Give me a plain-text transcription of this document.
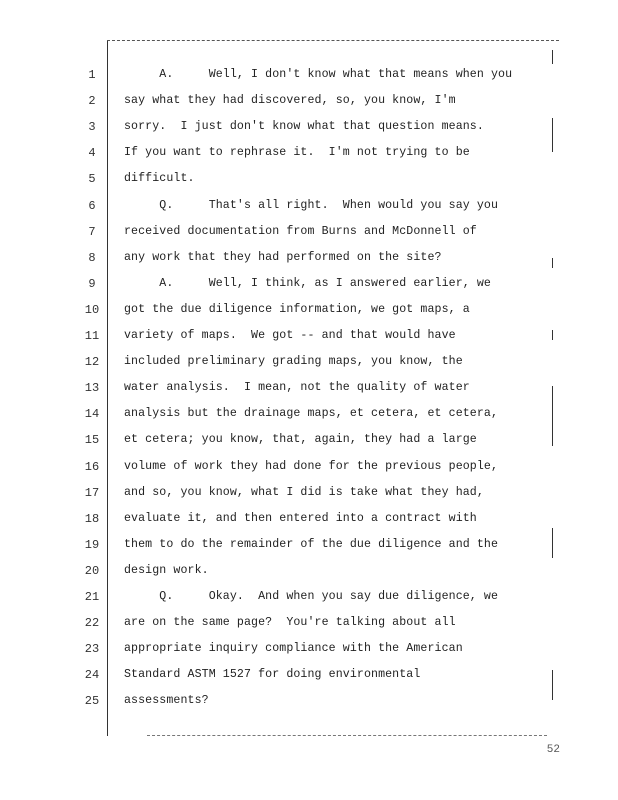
1	A.     Well, I don't know what that means when you
2	say what they had discovered, so, you know, I'm
3	sorry.  I just don't know what that question means.
4	If you want to rephrase it.  I'm not trying to be
5	difficult.
6	Q.     That's all right.  When would you say you
7	received documentation from Burns and McDonnell of
8	any work that they had performed on the site?
9	A.     Well, I think, as I answered earlier, we
10	got the due diligence information, we got maps, a
11	variety of maps.  We got -- and that would have
12	included preliminary grading maps, you know, the
13	water analysis.  I mean, not the quality of water
14	analysis but the drainage maps, et cetera, et cetera,
15	et cetera; you know, that, again, they had a large
16	volume of work they had done for the previous people,
17	and so, you know, what I did is take what they had,
18	evaluate it, and then entered into a contract with
19	them to do the remainder of the due diligence and the
20	design work.
21	Q.     Okay.  And when you say due diligence, we
22	are on the same page?  You're talking about all
23	appropriate inquiry compliance with the American
24	Standard ASTM 1527 for doing environmental
25	assessments?
52
